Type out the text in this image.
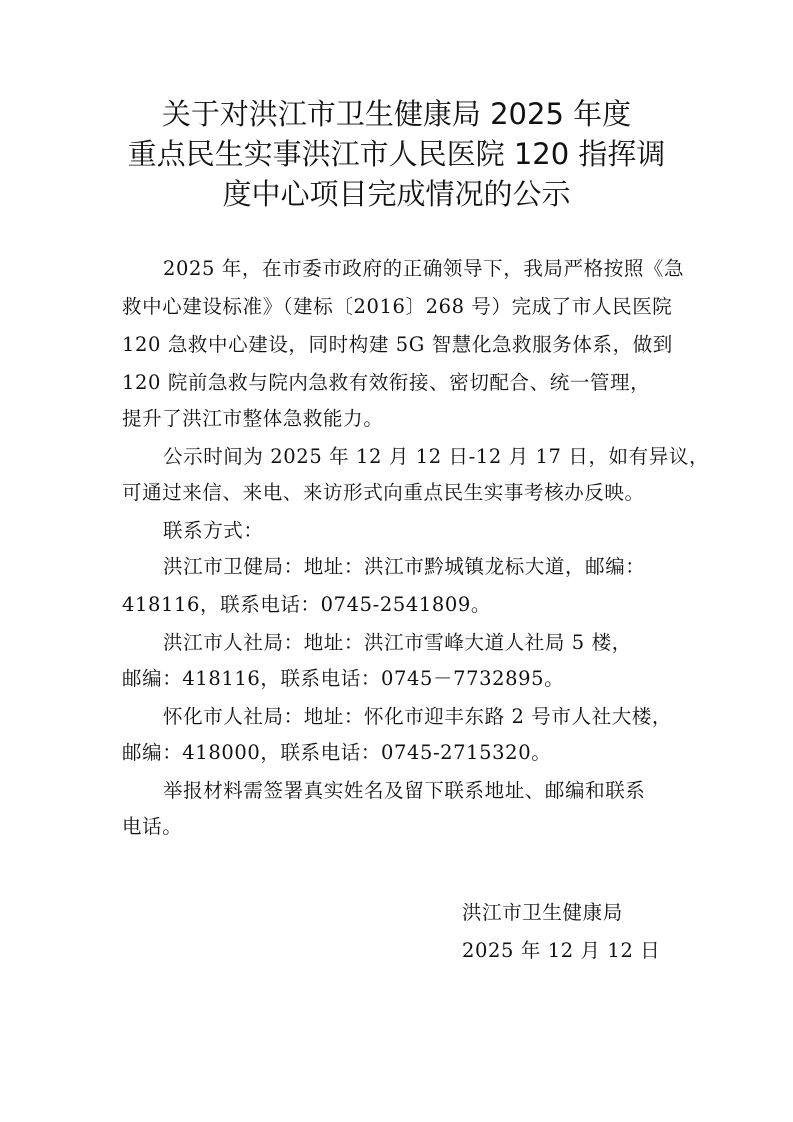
关于对洪江市卫生健康局 2025 年度
重点民生实事洪江市人民医院 120 指挥调
度中心项目完成情况的公示
2025 年，在市委市政府的正确领导下，我局严格按照《急
救中心建设标准》（建标〔2016〕268 号）完成了市人民医院
120 急救中心建设，同时构建 5G 智慧化急救服务体系，做到
120 院前急救与院内急救有效衔接、密切配合、统一管理，
提升了洪江市整体急救能力。
公示时间为 2025 年 12 月 12 日-12 月 17 日，如有异议，
可通过来信、来电、来访形式向重点民生实事考核办反映。
联系方式：
洪江市卫健局：地址：洪江市黔城镇龙标大道，邮编：
418116，联系电话：0745-2541809。
洪江市人社局：地址：洪江市雪峰大道人社局 5 楼，
邮编：418116，联系电话：0745－7732895。
怀化市人社局：地址：怀化市迎丰东路 2 号市人社大楼，
邮编：418000，联系电话：0745-2715320。
举报材料需签署真实姓名及留下联系地址、邮编和联系
电话。
洪江市卫生健康局
2025 年 12 月 12 日
